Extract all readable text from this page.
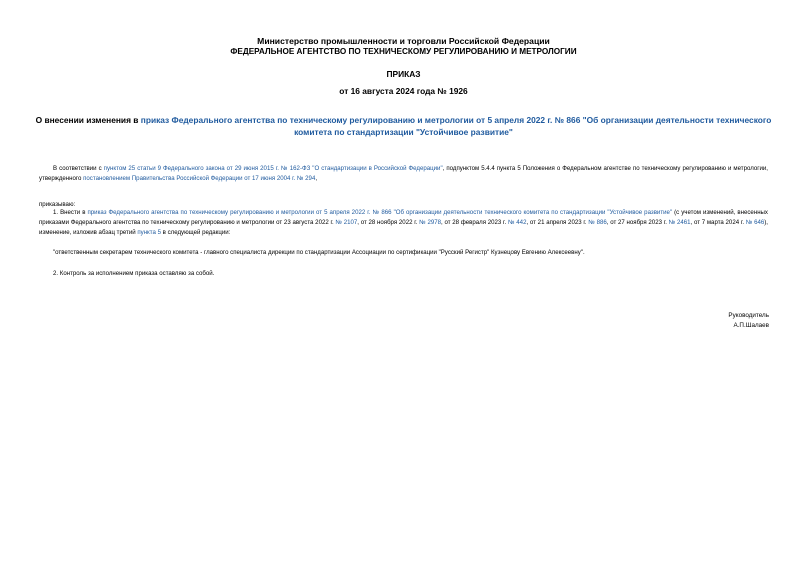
Министерство промышленности и торговли Российской Федерации
ФЕДЕРАЛЬНОЕ АГЕНТСТВО ПО ТЕХНИЧЕСКОМУ РЕГУЛИРОВАНИЮ И МЕТРОЛОГИИ
ПРИКАЗ
от 16 августа 2024 года № 1926
О внесении изменения в приказ Федерального агентства по техническому регулированию и метрологии от 5 апреля 2022 г. № 866 "Об организации деятельности технического комитета по стандартизации "Устойчивое развитие"
В соответствии с пунктом 25 статьи 9 Федерального закона от 29 июня 2015 г. № 162-ФЗ "О стандартизации в Российской Федерации", подпунктом 5.4.4 пункта 5 Положения о Федеральном агентстве по техническому регулированию и метрологии, утвержденного постановлением Правительства Российской Федерации от 17 июня 2004 г. № 294,
приказываю:
1. Внести в приказ Федерального агентства по техническому регулированию и метрологии от 5 апреля 2022 г. № 866 "Об организации деятельности технического комитета по стандартизации "Устойчивое развитие" (с учетом изменений, внесенных приказами Федерального агентства по техническому регулированию и метрологии от 23 августа 2022 г. № 2107, от 28 ноября 2022 г. № 2978, от 28 февраля 2023 г. № 442, от 21 апреля 2023 г. № 886, от 27 ноября 2023 г. № 2461, от 7 марта 2024 г. № 646), изменение, изложив абзац третий пункта 5 в следующей редакции:
"ответственным секретарем технического комитета - главного специалиста дирекции по стандартизации Ассоциации по сертификации "Русский Регистр" Кузнецову Евгению Алексеевну".
2. Контроль за исполнением приказа оставляю за собой.
Руководитель
А.П.Шалаев
